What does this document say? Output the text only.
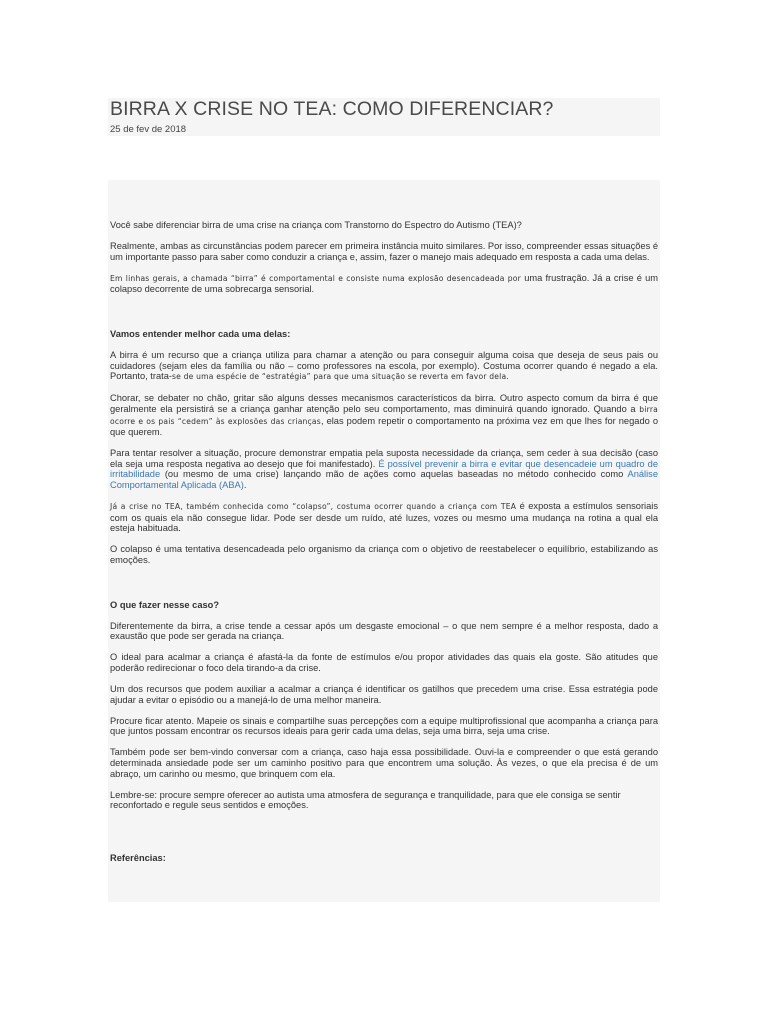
BIRRA X CRISE NO TEA: COMO DIFERENCIAR?
25 de fev de 2018

Você sabe diferenciar birra de uma crise na criança com Transtorno do Espectro do Autismo (TEA)?

Realmente, ambas as circunstâncias podem parecer em primeira instância muito similares. Por isso, compreender essas situações é um importante passo para saber como conduzir a criança e, assim, fazer o manejo mais adequado em resposta a cada uma delas.

Em linhas gerais, a chamada “birra” é comportamental e consiste numa explosão desencadeada por uma frustração. Já a crise é um colapso decorrente de uma sobrecarga sensorial.

Vamos entender melhor cada uma delas:

A birra é um recurso que a criança utiliza para chamar a atenção ou para conseguir alguma coisa que deseja de seus pais ou cuidadores (sejam eles da família ou não – como professores na escola, por exemplo). Costuma ocorrer quando é negado a ela. Portanto, trata-se de uma espécie de “estratégia” para que uma situação se reverta em favor dela.

Chorar, se debater no chão, gritar são alguns desses mecanismos característicos da birra. Outro aspecto comum da birra é que geralmente ela persistirá se a criança ganhar atenção pelo seu comportamento, mas diminuirá quando ignorado. Quando a birra ocorre e os pais “cedem” às explosões das crianças, elas podem repetir o comportamento na próxima vez em que lhes for negado o que querem.

Para tentar resolver a situação, procure demonstrar empatia pela suposta necessidade da criança, sem ceder à sua decisão (caso ela seja uma resposta negativa ao desejo que foi manifestado). É possível prevenir a birra e evitar que desencadeie um quadro de irritabilidade (ou mesmo de uma crise) lançando mão de ações como aquelas baseadas no método conhecido como Análise Comportamental Aplicada (ABA).

Já a crise no TEA, também conhecida como “colapso”, costuma ocorrer quando a criança com TEA é exposta a estímulos sensoriais com os quais ela não consegue lidar. Pode ser desde um ruído, até luzes, vozes ou mesmo uma mudança na rotina a qual ela esteja habituada.

O colapso é uma tentativa desencadeada pelo organismo da criança com o objetivo de reestabelecer o equilíbrio, estabilizando as emoções.

O que fazer nesse caso?

Diferentemente da birra, a crise tende a cessar após um desgaste emocional – o que nem sempre é a melhor resposta, dado a exaustão que pode ser gerada na criança.

O ideal para acalmar a criança é afastá-la da fonte de estímulos e/ou propor atividades das quais ela goste. São atitudes que poderão redirecionar o foco dela tirando-a da crise.

Um dos recursos que podem auxiliar a acalmar a criança é identificar os gatilhos que precedem uma crise. Essa estratégia pode ajudar a evitar o episódio ou a manejá-lo de uma melhor maneira.

Procure ficar atento. Mapeie os sinais e compartilhe suas percepções com a equipe multiprofissional que acompanha a criança para que juntos possam encontrar os recursos ideais para gerir cada uma delas, seja uma birra, seja uma crise.

Também pode ser bem-vindo conversar com a criança, caso haja essa possibilidade. Ouvi-la e compreender o que está gerando determinada ansiedade pode ser um caminho positivo para que encontrem uma solução. Às vezes, o que ela precisa é de um abraço, um carinho ou mesmo, que brinquem com ela.

Lembre-se: procure sempre oferecer ao autista uma atmosfera de segurança e tranquilidade, para que ele consiga se sentir reconfortado e regule seus sentidos e emoções.

Referências:
